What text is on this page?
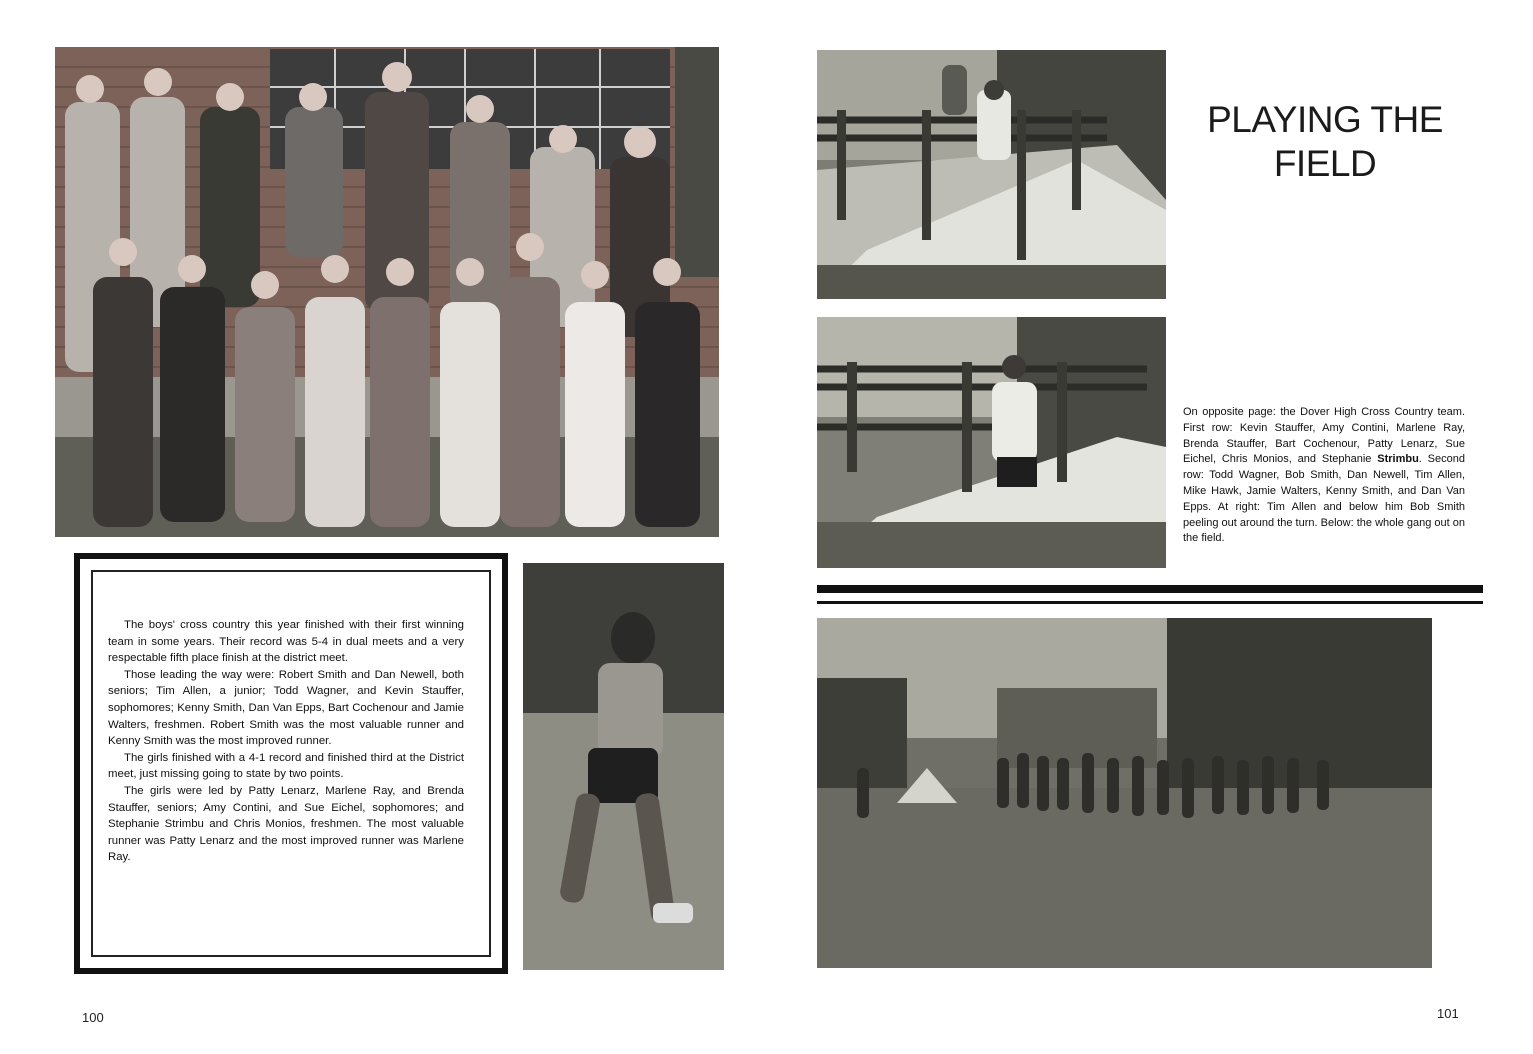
The boys' cross country this year finished with their first winning team in some years. Their record was 5-4 in dual meets and a very respectable fifth place finish at the district meet.

Those leading the way were: Robert Smith and Dan Newell, both seniors; Tim Allen, a junior; Todd Wagner, and Kevin Stauffer, sophomores; Kenny Smith, Dan Van Epps, Bart Cochenour and Jamie Walters, freshmen. Robert Smith was the most valuable runner and Kenny Smith was the most improved runner.

The girls finished with a 4-1 record and finished third at the District meet, just missing going to state by two points.

The girls were led by Patty Lenarz, Marlene Ray, and Brenda Stauffer, seniors; Amy Contini, and Sue Eichel, sophomores; and Stephanie Strimbu and Chris Monios, freshmen. The most valuable runner was Patty Lenarz and the most improved runner was Marlene Ray.

100
PLAYING THE
FIELD
On opposite page: the Dover High Cross Country team. First row: Kevin Stauffer, Amy Contini, Marlene Ray, Brenda Stauffer, Bart Cochenour, Patty Lenarz, Sue Eichel, Chris Monios, and Stephanie Strimbu. Second row: Todd Wagner, Bob Smith, Dan Newell, Tim Allen, Mike Hawk, Jamie Walters, Kenny Smith, and Dan Van Epps. At right: Tim Allen and below him Bob Smith peeling out around the turn. Below: the whole gang out on the field.
101
